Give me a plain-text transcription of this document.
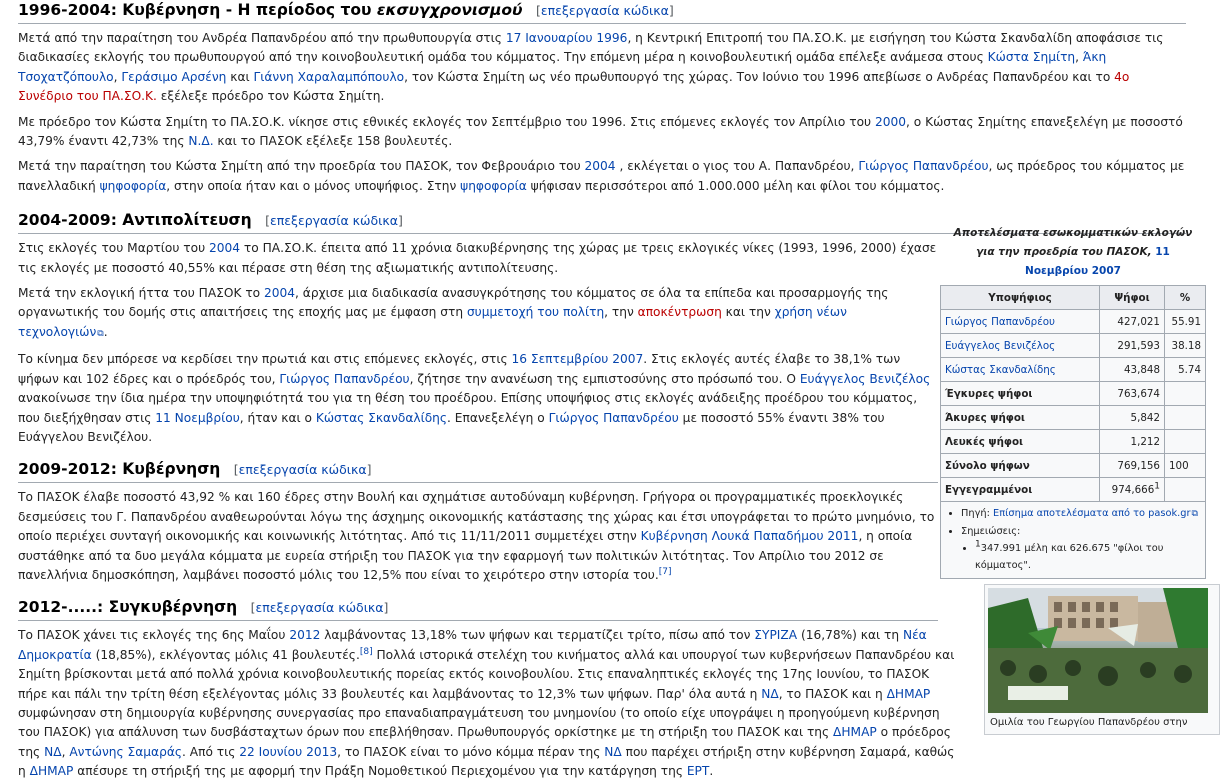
1996-2004: Κυβέρνηση - Η περίοδος του εκσυγχρονισμού [επεξεργασία κώδικα]

Μετά από την παραίτηση του Ανδρέα Παπανδρέου από την πρωθυπουργία στις 17 Ιανουαρίου 1996, η Κεντρική Επιτροπή του ΠΑ.ΣΟ.Κ. με εισήγηση του Κώστα Σκανδαλίδη αποφάσισε τις διαδικασίες εκλογής του πρωθυπουργού από την κοινοβουλευτική ομάδα του κόμματος. Την επόμενη μέρα η κοινοβουλευτική ομάδα επέλεξε ανάμεσα στους Κώστα Σημίτη, Άκη Τσοχατζόπουλο, Γεράσιμο Αρσένη και Γιάννη Χαραλαμπόπουλο, τον Κώστα Σημίτη ως νέο πρωθυπουργό της χώρας. Τον Ιούνιο του 1996 απεβίωσε ο Ανδρέας Παπανδρέου και το 4ο Συνέδριο του ΠΑ.ΣΟ.Κ. εξέλεξε πρόεδρο τον Κώστα Σημίτη.

Με πρόεδρο τον Κώστα Σημίτη το ΠΑ.ΣΟ.Κ. νίκησε στις εθνικές εκλογές τον Σεπτέμβριο του 1996. Στις επόμενες εκλογές τον Απρίλιο του 2000, ο Κώστας Σημίτης επανεξελέγη με ποσοστό 43,79% έναντι 42,73% της Ν.Δ. και το ΠΑΣΟΚ εξέλεξε 158 βουλευτές.

Μετά την παραίτηση του Κώστα Σημίτη από την προεδρία του ΠΑΣΟΚ, τον Φεβρουάριο του 2004 , εκλέγεται ο γιος του Α. Παπανδρέου, Γιώργος Παπανδρέου, ως πρόεδρος του κόμματος με πανελλαδική ψηφοφορία, στην οποία ήταν και ο μόνος υποψήφιος. Στην ψηφοφορία ψήφισαν περισσότεροι από 1.000.000 μέλη και φίλοι του κόμματος.

2004-2009: Αντιπολίτευση [επεξεργασία κώδικα]

Στις εκλογές του Μαρτίου του 2004 το ΠΑ.ΣΟ.Κ. έπειτα από 11 χρόνια διακυβέρνησης της χώρας με τρεις εκλογικές νίκες (1993, 1996, 2000) έχασε τις εκλογές με ποσοστό 40,55% και πέρασε στη θέση της αξιωματικής αντιπολίτευσης.

Μετά την εκλογική ήττα του ΠΑΣΟΚ το 2004, άρχισε μια διαδικασία ανασυγκρότησης του κόμματος σε όλα τα επίπεδα και προσαρμογής της οργανωτικής του δομής στις απαιτήσεις της εποχής μας με έμφαση στη συμμετοχή του πολίτη, την αποκέντρωση και την χρήση νέων τεχνολογιών ⧉ .

Το κίνημα δεν μπόρεσε να κερδίσει την πρωτιά και στις επόμενες εκλογές, στις 16 Σεπτεμβρίου 2007. Στις εκλογές αυτές έλαβε το 38,1% των ψήφων και 102 έδρες και ο πρόεδρός του, Γιώργος Παπανδρέου, ζήτησε την ανανέωση της εμπιστοσύνης στο πρόσωπό του. Ο Ευάγγελος Βενιζέλος ανακοίνωσε την ίδια ημέρα την υποψηφιότητά του για τη θέση του προέδρου. Επίσης υποψήφιος στις εκλογές ανάδειξης προέδρου του κόμματος, που διεξήχθησαν στις 11 Νοεμβρίου, ήταν και ο Κώστας Σκανδαλίδης. Επανεξελέγη ο Γιώργος Παπανδρέου με ποσοστό 55% έναντι 38% του Ευάγγελου Βενιζέλου.

2009-2012: Κυβέρνηση [επεξεργασία κώδικα]

Το ΠΑΣΟΚ έλαβε ποσοστό 43,92 % και 160 έδρες στην Βουλή και σχημάτισε αυτοδύναμη κυβέρνηση. Γρήγορα οι προγραμματικές προεκλογικές δεσμεύσεις του Γ. Παπανδρέου αναθεωρούνται λόγω της άσχημης οικονομικής κατάστασης της χώρας και έτσι υπογράφεται το πρώτο μνημόνιο, το οποίο περιέχει συνταγή οικονομικής και κοινωνικής λιτότητας. Από τις 11/11/2011 συμμετέχει στην Κυβέρνηση Λουκά Παπαδήμου 2011, η οποία συστάθηκε από τα δυο μεγάλα κόμματα με ευρεία στήριξη του ΠΑΣΟΚ για την εφαρμογή των πολιτικών λιτότητας. Τον Απρίλιο του 2012 σε πανελλήνια δημοσκόπηση, λαμβάνει ποσοστό μόλις του 12,5% που είναι το χειρότερο στην ιστορία του.[7]

2012-.....: Συγκυβέρνηση [επεξεργασία κώδικα]

Το ΠΑΣΟΚ χάνει τις εκλογές της 6ης Μαΐου 2012 λαμβάνοντας 13,18% των ψήφων και τερματίζει τρίτο, πίσω από τον ΣΥΡΙΖΑ (16,78%) και τη Νέα Δημοκρατία (18,85%), εκλέγοντας μόλις 41 βουλευτές.[8] Πολλά ιστορικά στελέχη του κινήματος αλλά και υπουργοί των κυβερνήσεων Παπανδρέου και Σημίτη βρίσκονται μετά από πολλά χρόνια κοινοβουλευτικής πορείας εκτός κοινοβουλίου. Στις επαναληπτικές εκλογές της 17ης Ιουνίου, το ΠΑΣΟΚ πήρε και πάλι την τρίτη θέση εξελέγοντας μόλις 33 βουλευτές και λαμβάνοντας το 12,3% των ψήφων. Παρ' όλα αυτά η ΝΔ, το ΠΑΣΟΚ και η ΔΗΜΑΡ συμφώνησαν στη δημιουργία κυβέρνησης συνεργασίας προ επαναδιαπραγμάτευση του μνημονίου (το οποίο είχε υπογράψει η προηγούμενη κυβέρνηση του ΠΑΣΟΚ) για απάλυνση των δυσβάσταχτων όρων που επεβλήθησαν. Πρωθυπουργός ορκίστηκε με τη στήριξη του ΠΑΣΟΚ και της ΔΗΜΑΡ ο πρόεδρος της ΝΔ, Αντώνης Σαμαράς. Από τις 22 Ιουνίου 2013, το ΠΑΣΟΚ είναι το μόνο κόμμα πέραν της ΝΔ που παρέχει στήριξη στην κυβέρνηση Σαμαρά, καθώς η ΔΗΜΑΡ απέσυρε τη στήριξή της με αφορμή την Πράξη Νομοθετικού Περιεχομένου για την κατάργηση της ΕΡΤ.

Αποτελέσματα εσωκομματικών εκλογών για την προεδρία του ΠΑΣΟΚ, 11 Νοεμβρίου 2007
Υποψήφιος	Ψήφοι	%
Γιώργος Παπανδρέου	427,021	55.91
Ευάγγελος Βενιζέλος	291,593	38.18
Κώστας Σκανδαλίδης	43,848	5.74
Έγκυρες ψήφοι	763,674	
Άκυρες ψήφοι	5,842	
Λευκές ψήφοι	1,212	
Σύνολο ψήφων	769,156	100
Εγγεγραμμένοι	974,666$^1$	
• Πηγή: Επίσημα αποτελέσματα από το pasok.gr ⧉
• Σημειώσεις:
• $^1$347.991 μέλη και 626.675 "φίλοι του κόμματος".
Ομιλία του Γεωργίου Παπανδρέου στην
